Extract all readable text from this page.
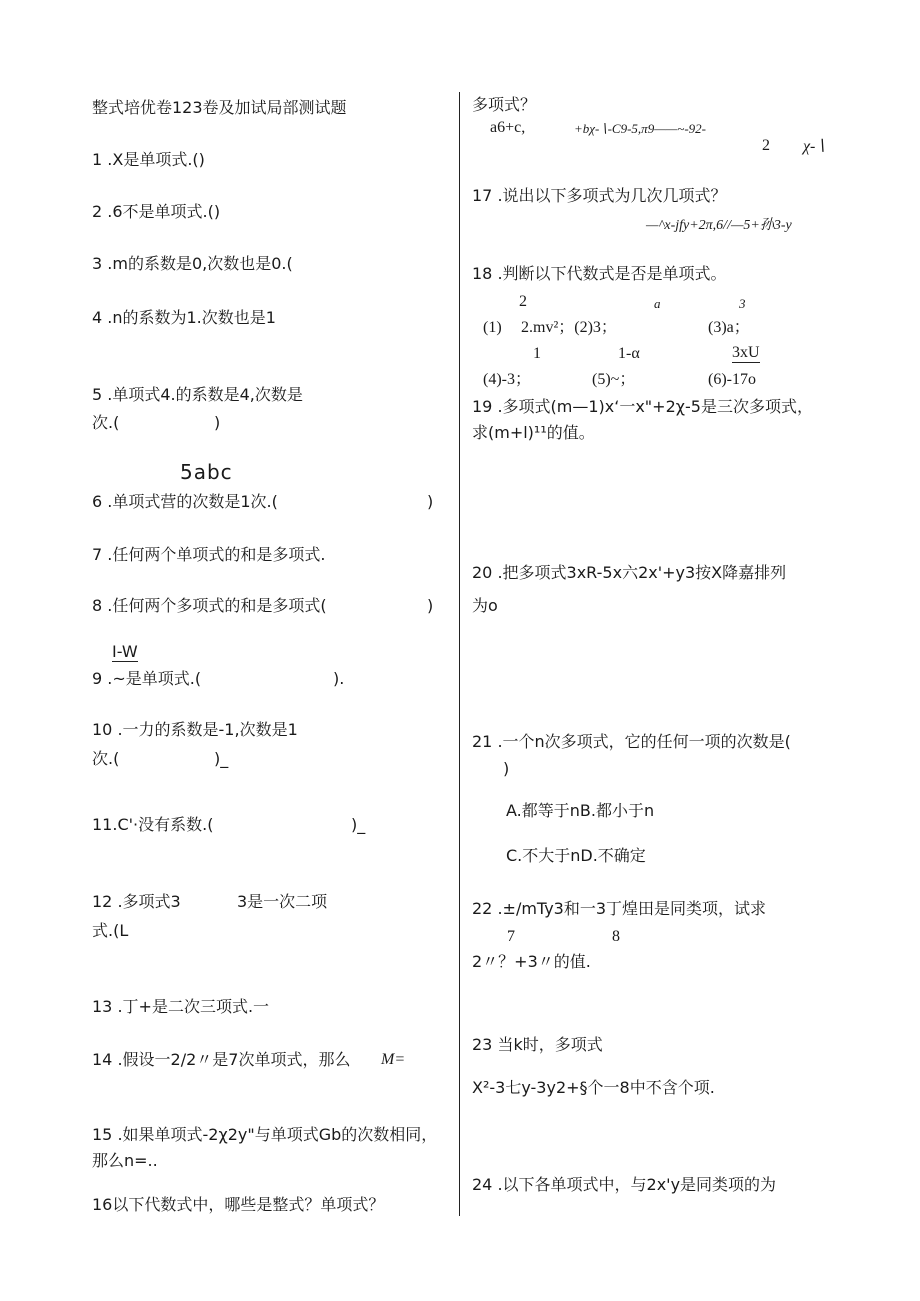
整式培优卷123卷及加试局部测试题
1 .X是单项式.()
2 .6不是单项式.()
3 .m的系数是0,次数也是0.(
4 .n的系数为1.次数也是1
5 .单项式4.的系数是4,次数是
次.(	)
5abc
6 .单项式营的次数是1次.(	)
7 .任何两个单项式的和是多项式.
8 .任何两个多项式的和是多项式(	)
I-W
9 .~是单项式.(	).
10 .一力的系数是-1,次数是1
次.(	)_
11.C'·没有系数.(	)_
12 .多项式3	3是一次二项
式.(L
13 .丁+是二次三项式.一
14 .假设一2/2〃是7次单项式，那么 M=
15 .如果单项式-2χ2y"与单项式Gb的次数相同，
那么n=..
16以下代数式中，哪些是整式？单项式？
多项式？
a6+c,	+bχ-∖-C9-5,π9——~-92-
2 χ-∖
17 .说出以下多项式为几次几项式？
—^x-jfy+2π,6//—5+孙3-y
18 .判断以下代数式是否是单项式。
2	a	3
(1) 2.mv²；(2)3；	(3)a；
1	1-α	3xU
(4)-3；	(5)~；	(6)-17o
19 .多项式(m—1)x‘一x"+2χ-5是三次多项式，
求(m+l)¹¹的值。
20 .把多项式3xR-5x六2x'+y3按X降嘉排列
为o
21 .一个n次多项式，它的任何一项的次数是(
)
A.都等于nB.都小于n
C.不大于nD.不确定
22 .±/mTy3和一3丁煌田是同类项，试求
7	8
2〃？+3〃的值.
23 当k时，多项式
X²-3七y-3y2+§个一8中不含个项.
24 .以下各单项式中，与2x'y是同类项的为
